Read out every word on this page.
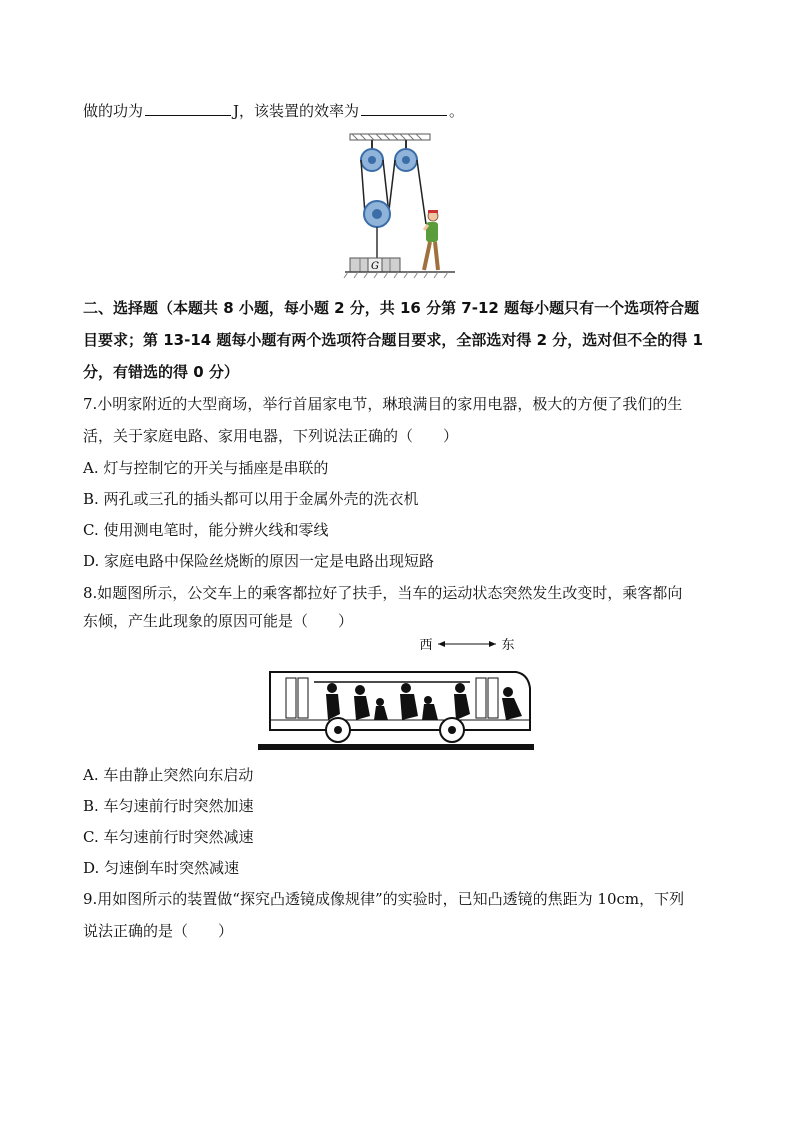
做的功为	J，该装置的效率为	。
G
二、选择题（本题共 8 小题，每小题 2 分，共 16 分第 7-12 题每小题只有一个选项符合题
目要求；第 13-14 题每小题有两个选项符合题目要求，全部选对得 2 分，选对但不全的得 1
分，有错选的得 0 分）
7.小明家附近的大型商场，举行首届家电节，琳琅满目的家用电器，极大的方便了我们的生
活，关于家庭电路、家用电器，下列说法正确的（　　）
A. 灯与控制它的开关与插座是串联的
B. 两孔或三孔的插头都可以用于金属外壳的洗衣机
C. 使用测电笔时，能分辨火线和零线
D. 家庭电路中保险丝烧断的原因一定是电路出现短路
8.如题图所示，公交车上的乘客都拉好了扶手，当车的运动状态突然发生改变时，乘客都向
东倾，产生此现象的原因可能是（　　）
西	东
A. 车由静止突然向东启动
B. 车匀速前行时突然加速
C. 车匀速前行时突然减速
D. 匀速倒车时突然减速
9.用如图所示的装置做“探究凸透镜成像规律”的实验时，已知凸透镜的焦距为 10cm，下列
说法正确的是（　　）
